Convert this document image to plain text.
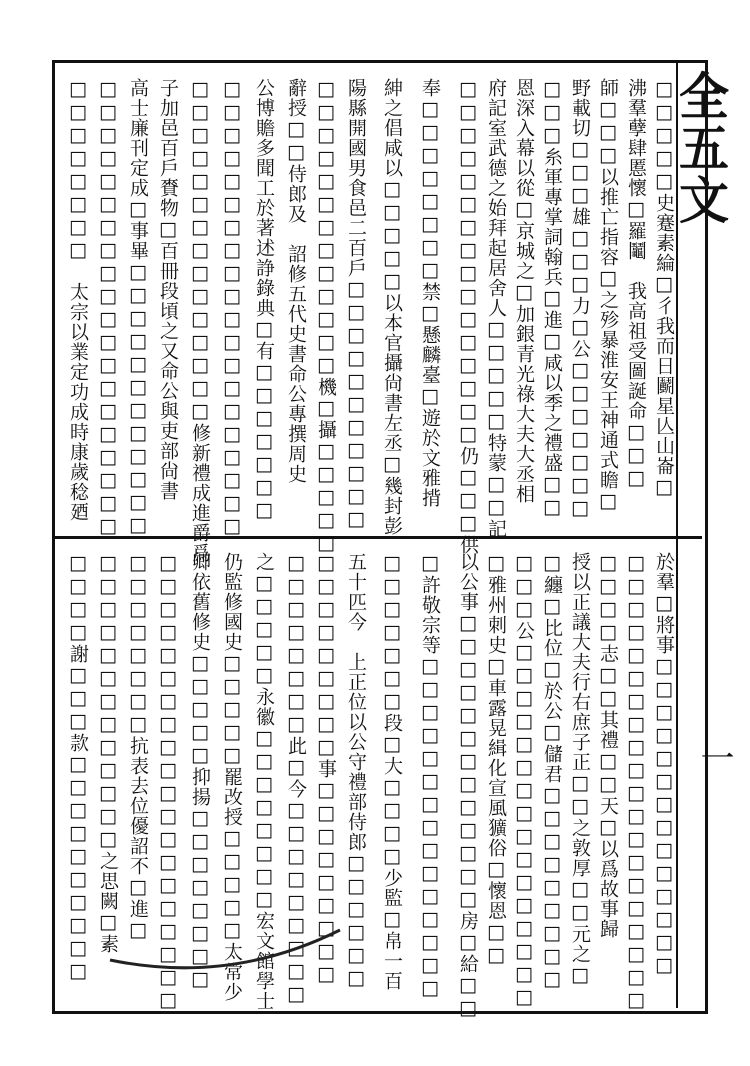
全五文
一
□□□□□史蹇素綸□彳我而日鬬星亾山崙□
沸羣孽肆慝懷□羅鬮　我高祖受圖誕命□□□
師□□□以推亡指容□之殄暴淮安王神通式瞻□
野載切□□□雄□□□力□公□□□□□□□
□□□糸軍專掌詞翰兵□進□咸以季之禮盛□□
恩深入幕以從□京城之□加銀青光祿大夫大丞相
府記室武德之始拜起居舍人□□□□□特蒙□□記
□□□□□□□□□□□□□□□□仍□□□供
奉□□□□□□□□禁□懸麟臺□遊於文雅揹
紳之倡咸以□□□□□以本官攝尙書左丞□幾封彭
陽縣開國男食邑二百戶□□□□□□□□□□□
□□□□□□□□□□□□□機□攝□□□□□
辭授□□侍郎及　詔修五代史書命公專撰周史
公博贍多聞工於著述諍錄典□有□□□□□□□
□□□□□□□□□□□□□□□□□□□□
□□□□□□□□□□□□□□□修新禮成進爵爲
子加邑百戶賚物□百冊段頃之又命公與吏部尙書
高士廉刊定成□事畢□□□□□□□□□□□□
□□□□□□□□□□□□□□□□□□□□
□□□□□□□□　太宗以業定功成時康歲稔廼
於羣□將事□□□□□□□□□□□□□□
□□□□□□□□□□□□□□□□□□□□
□□□□志□□其禮□□天□以爲故事歸
授以正議大夫行右庶子正□□之敦厚□□元之□
□纏□比位□於公□儲君□□□□□□□□□
□□□公□□□□□□□□□□□□□□□□
□雅州刺史□車露晃緝化宣風獷俗□懷恩□□
以公事□□□□□□□□□□□□□房□給□□
□許敬宗等□□□□□□□□□□□□□□□
□□□□□□□段□大□□□□少監□帛一百
五十匹今　上正位以公守禮部侍郎□□□□□□
□□□□□□□□□事□□□□□□□□□
□□□□□□□□此□今□□□□□□□□□
之□□□□□永徽□□□□□□□□宏文館學士
仍監修國史□□□□□罷改授□□□□□太常少
卿依舊修史□□□□□抑揚□□□□□□□□
□□□□□□□□□□□□□□□□□□□□
□□□□□□□□抗表去位優詔不□進□
□□□□□□□□□□□□□之思闕□素
□□□□謝□□□款□□□□□□□□□□
